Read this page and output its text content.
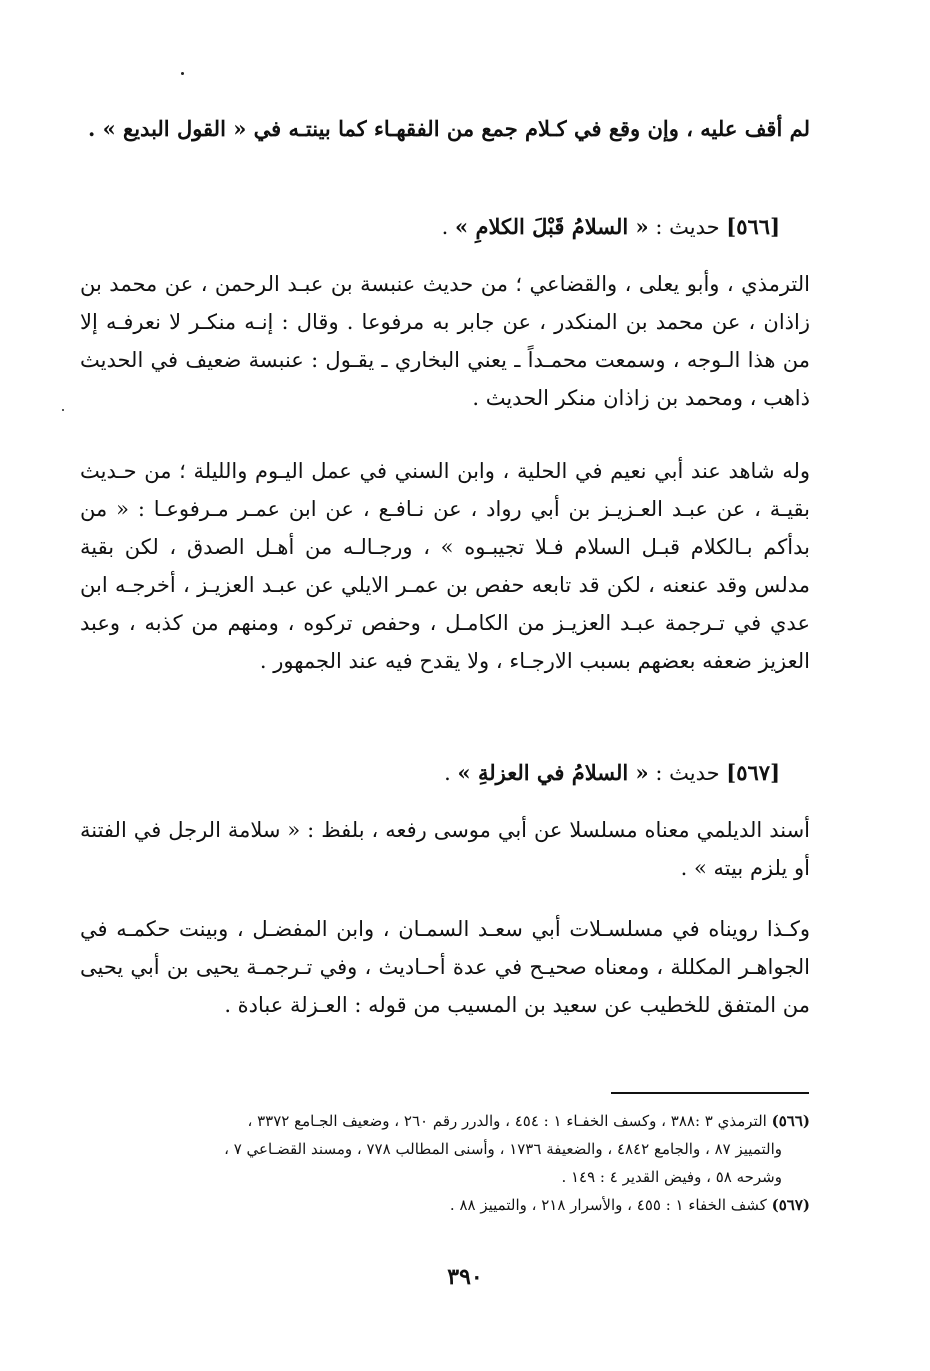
لم أقف عليه ، وإن وقع في كـلام جمع من الفقهـاء كما بينتـه في « القول البديع » .

[٥٦٦] حديث : « السلامُ قَبْلَ الكلامِ » .

الترمذي ، وأبو يعلى ، والقضاعي ؛ من حديث عنبسة بن عبـد الرحمن ، عن محمد بن زاذان ، عن محمد بن المنكدر ، عن جابر به مرفوعا . وقال : إنـه منكـر لا نعرفـه إلا من هذا الـوجه ، وسمعت محمـداً ـ يعني البخاري ـ يقـول : عنبسة ضعيف في الحديث ذاهب ، ومحمد بن زاذان منكر الحديث .

وله شاهد عند أبي نعيم في الحلية ، وابن السني في عمل اليـوم والليلة ؛ من حـديث بقيـة ، عن عبـد العـزيـز بن أبي رواد ، عن نـافـع ، عن ابن عمـر مـرفوعـا : « من بدأكم بـالكلام قبـل السلام فـلا تجيبـوه » ، ورجـالـه من أهـل الصدق ، لكن بقية مدلس وقد عنعنه ، لكن قد تابعه حفص بن عمـر الايلي عن عبـد العزيـز ، أخرجـه ابن عدي في تـرجمة عبـد العزيـز من الكامـل ، وحفص تركوه ، ومنهم من كذبه ، وعبد العزيز ضعفه بعضهم بسبب الارجـاء ، ولا يقدح فيه عند الجمهور .

[٥٦٧] حديث : « السلامُ في العزلةِ » .

أسند الديلمي معناه مسلسلا عن أبي موسى رفعه ، بلفظ : « سلامة الرجل في الفتنة أو يلزم بيته » .

وكـذا رويناه في مسلسـلات أبي سعـد السمـان ، وابن المفضـل ، وبينت حكمـه في الجواهـر المكللة ، ومعناه صحيـح في عدة أحـاديث ، وفي تـرجمـة يحيى بن أبي يحيى من المتفق للخطيب عن سعيد بن المسيب من قوله : العـزلة عبادة .

(٥٦٦) الترمذي ٣ :٣٨٨ ، وكسف الخفـاء ١ : ٤٥٤ ، والدرر رقم ٢٦٠ ، وضعيف الجـامع ٣٣٧٢ ،

والتمييز ٨٧ ، والجامع ٤٨٤٢ ، والضعيفة ١٧٣٦ ، وأسنى المطالب ٧٧٨ ، ومسند القضـاعي ٧ ،

وشرحه ٥٨ ، وفيض القدير ٤ : ١٤٩ .

(٥٦٧) كشف الخفاء ١ : ٤٥٥ ، والأسرار ٢١٨ ، والتمييز ٨٨ .

٣٩٠
